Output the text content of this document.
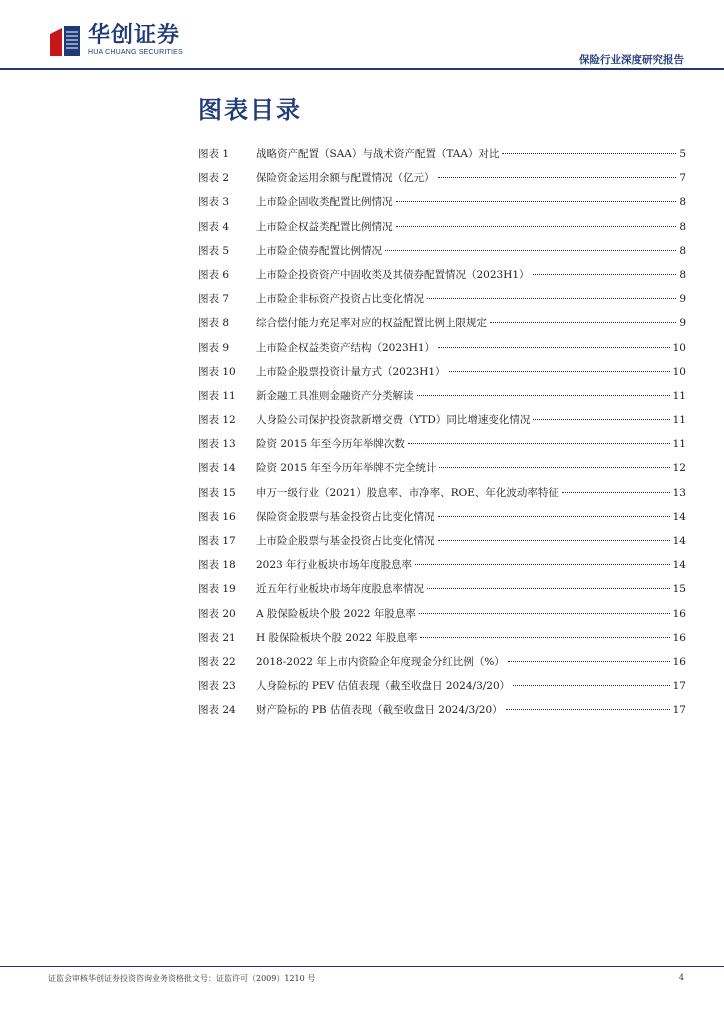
华创证券
HUA CHUANG SECURITIES
保险行业深度研究报告
图表目录
图表 1	战略资产配置（SAA）与战术资产配置（TAA）对比	5
图表 2	保险资金运用余额与配置情况（亿元）	7
图表 3	上市险企固收类配置比例情况	8
图表 4	上市险企权益类配置比例情况	8
图表 5	上市险企债券配置比例情况	8
图表 6	上市险企投资资产中固收类及其债券配置情况（2023H1）	8
图表 7	上市险企非标资产投资占比变化情况	9
图表 8	综合偿付能力充足率对应的权益配置比例上限规定	9
图表 9	上市险企权益类资产结构（2023H1）	10
图表 10	上市险企股票投资计量方式（2023H1）	10
图表 11	新金融工具准则金融资产分类解读	11
图表 12	人身险公司保护投资款新增交费（YTD）同比增速变化情况	11
图表 13	险资 2015 年至今历年举牌次数	11
图表 14	险资 2015 年至今历年举牌不完全统计	12
图表 15	申万一级行业（2021）股息率、市净率、ROE、年化波动率特征	13
图表 16	保险资金股票与基金投资占比变化情况	14
图表 17	上市险企股票与基金投资占比变化情况	14
图表 18	2023 年行业板块市场年度股息率	14
图表 19	近五年行业板块市场年度股息率情况	15
图表 20	A 股保险板块个股 2022 年股息率	16
图表 21	H 股保险板块个股 2022 年股息率	16
图表 22	2018-2022 年上市内资险企年度现金分红比例（%）	16
图表 23	人身险标的 PEV 估值表现（截至收盘日 2024/3/20）	17
图表 24	财产险标的 PB 估值表现（截至收盘日 2024/3/20）	17
证监会审核华创证券投资咨询业务资格批文号：证监许可（2009）1210 号	4
